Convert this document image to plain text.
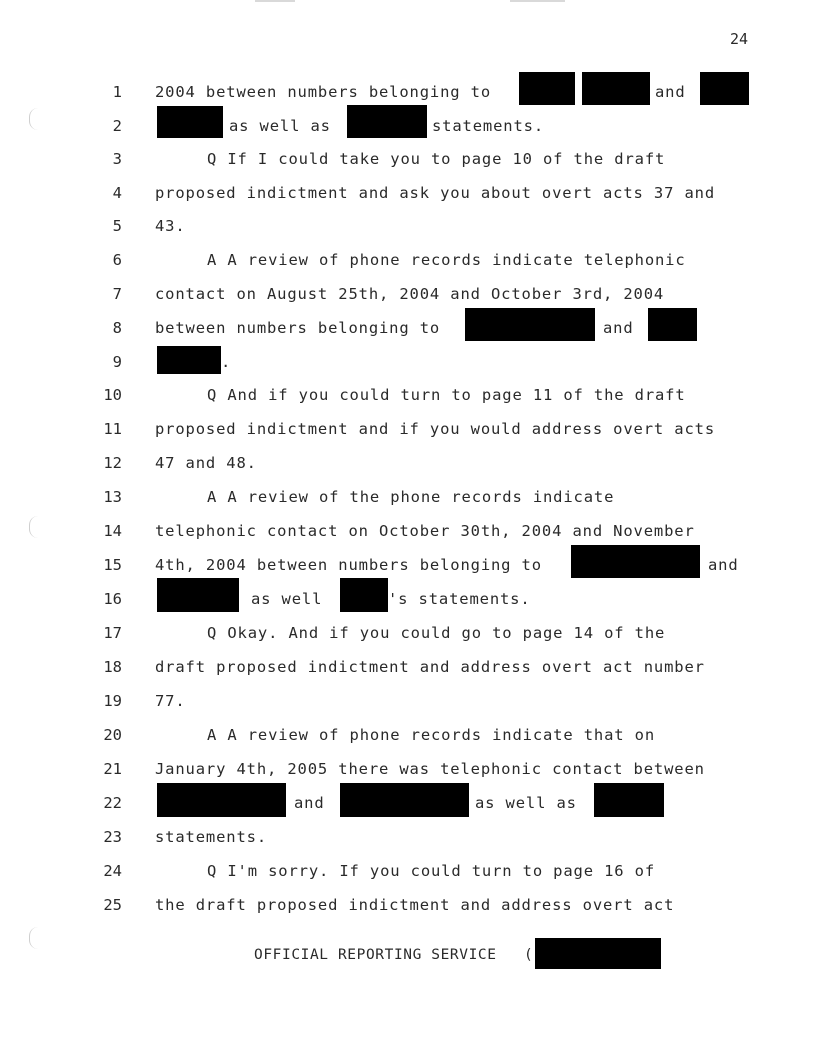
24
1
2
3
4
5
6
7
8
9
10
11
12
13
14
15
16
17
18
19
20
21
22
23
24
25
2004 between numbers belonging to	and
as well as	statements.
Q If I could take you to page 10 of the draft
proposed indictment and ask you about overt acts 37 and
43.
A A review of phone records indicate telephonic
contact on August 25th, 2004 and October 3rd, 2004
between numbers belonging to	and
.
Q And if you could turn to page 11 of the draft
proposed indictment and if you would address overt acts
47 and 48.
A A review of the phone records indicate
telephonic contact on October 30th, 2004 and November
4th, 2004 between numbers belonging to	and
as well	's statements.
Q Okay. And if you could go to page 14 of the
draft proposed indictment and address overt act number
77.
A A review of phone records indicate that on
January 4th, 2005 there was telephonic contact between
and	as well as
statements.
Q I'm sorry. If you could turn to page 16 of
the draft proposed indictment and address overt act
OFFICIAL REPORTING SERVICE (
